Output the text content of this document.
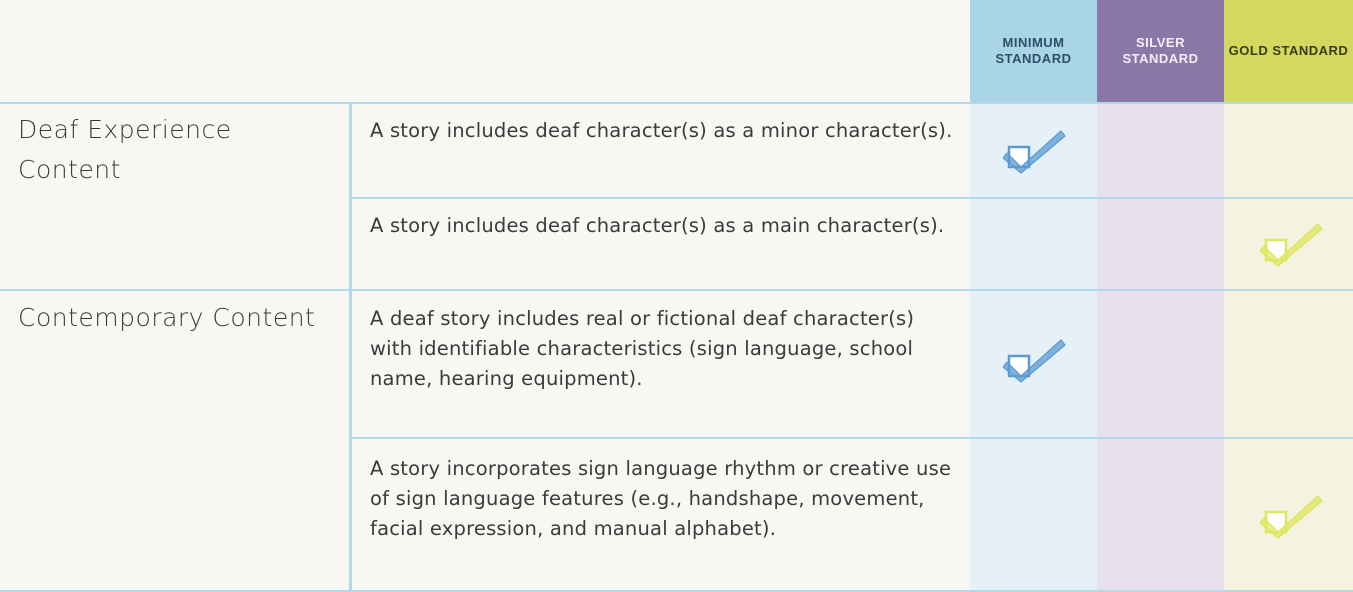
MINIMUM STANDARD
SILVER STANDARD
GOLD STANDARD
Deaf Experience Content
Contemporary Content
A story includes deaf character(s) as a minor character(s).
A story includes deaf character(s) as a main character(s).
A deaf story includes real or fictional deaf character(s) with identifiable characteristics (sign language, school name, hearing equipment).
A story incorporates sign language rhythm or creative use of sign language features (e.g., handshape, movement, facial expression, and manual alphabet).
